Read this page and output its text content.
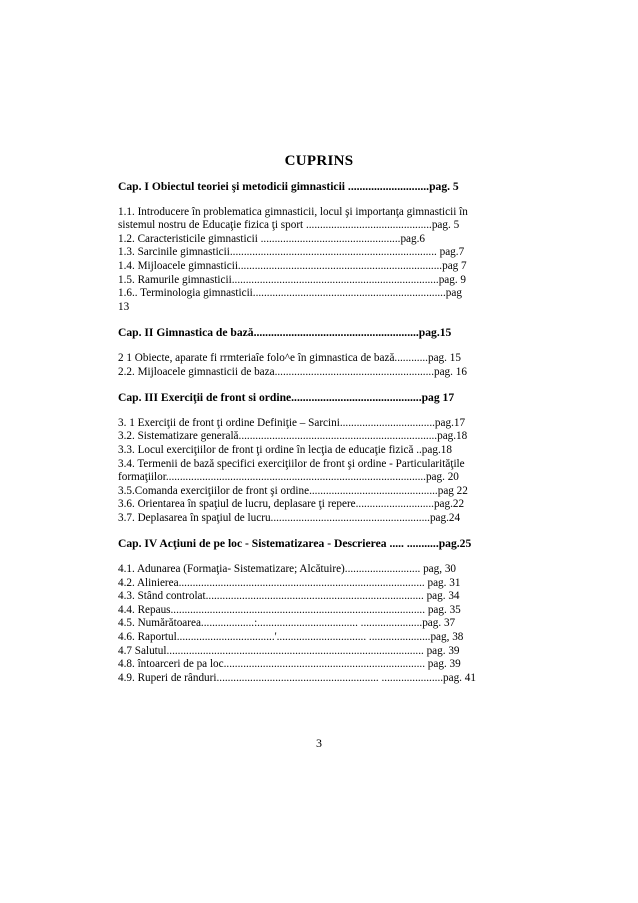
CUPRINS
Cap. I Obiectul teoriei şi metodicii gimnasticii ............................pag. 5
1.1. Introducere în problematica gimnasticii, locul şi importanţa gimnasticii în
sistemul nostru de Educaţie fizica ţi sport .............................................pag. 5
1.2. Caracteristicile gimnasticii ..................................................pag.6
1.3. Sarcinile gimnasticii.......................................................................... pag.7
1.4. Mijloacele gimnasticii.........................................................................pag 7
1.5. Ramurile gimnasticii..........................................................................pag. 9
1.6.. Terminologia gimnasticii.....................................................................pag
13
Cap. II Gimnastica de bază.........................................................pag.15
2 1 Obiecte, aparate fi rrmteriaîe folo^e în gimnastica de bază............pag. 15
2.2. Mijloacele gimnasticii de baza.........................................................pag. 16
Cap. III Exerciţii de front si ordine.............................................pag 17
3. 1 Exerciţii de front ţi ordine Definiţie – Sarcini..................................pag.17
3.2. Sistematizare generală.......................................................................pag.18
3.3. Locul exerciţiilor de front ţi ordine în lecţia de educaţie fizică ..pag.18
3.4. Termenii de bază specifici exerciţiilor de front şi ordine - Particularităţile
formaţiilor.............................................................................................pag. 20
3.5.Comanda exerciţiilor de front şi ordine..............................................pag 22
3.6. Orientarea în spaţiul de lucru, deplasare ţi repere............................pag.22
3.7. Deplasarea în spaţiul de lucru.........................................................pag.24
Cap. IV Acţiuni de pe loc - Sistematizarea - Descrierea ..... ...........pag.25
4.1. Adunarea (Formaţia- Sistematizare; Alcătuire)........................... pag, 30
4.2. Alinierea........................................................................................ pag. 31
4.3. Stând controlat.............................................................................. pag. 34
4.4. Repaus........................................................................................... pag. 35
4.5. Numărătoarea...................:.................................... ......................pag. 37
4.6. Raportul...................................'................................ ......................pag, 38
4.7 Salutul............................................................................................ pag. 39
4.8. întoarceri de pa loc........................................................................ pag. 39
4.9. Ruperi de rânduri.......................................................... ......................pag. 41
3
